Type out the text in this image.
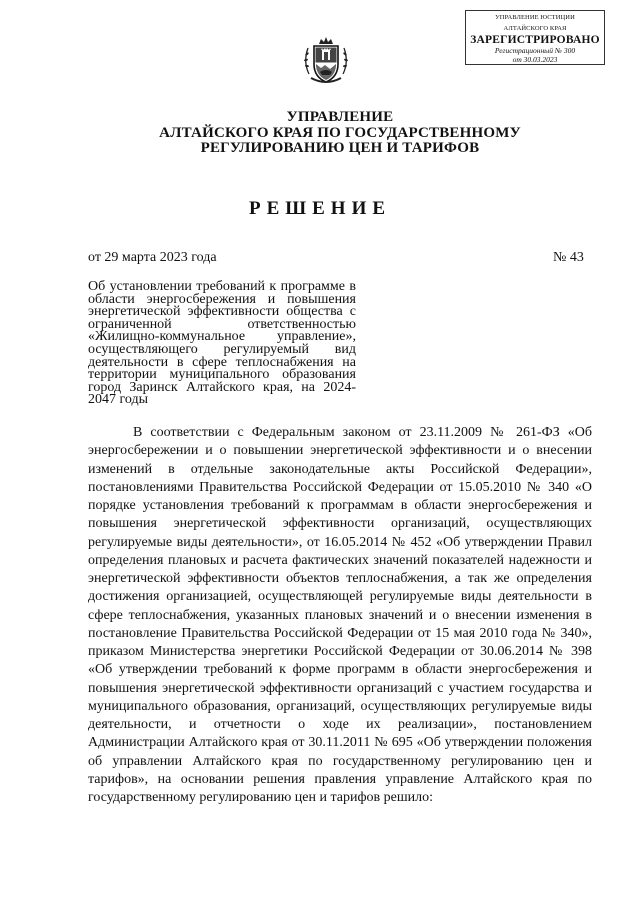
УПРАВЛЕНИЕ ЮСТИЦИИ
АЛТАЙСКОГО КРАЯ
ЗАРЕГИСТРИРОВАНО
Регистрационный № 300
от 30.03.2023
УПРАВЛЕНИЕ
АЛТАЙСКОГО КРАЯ ПО ГОСУДАРСТВЕННОМУ
РЕГУЛИРОВАНИЮ ЦЕН И ТАРИФОВ
РЕШЕНИЕ
от 29 марта 2023 года	№ 43
Об установлении требований к программе в области энергосбережения и повышения энергетической эффективности общества с ограниченной ответственностью «Жилищно-коммунальное управление», осуществляющего регулируемый вид деятельности в сфере теплоснабжения на территории муниципального образования город Заринск Алтайского края, на 2024-2047 годы

В соответствии с Федеральным законом от 23.11.2009 № 261-ФЗ «Об энергосбережении и о повышении энергетической эффективности и о внесении изменений в отдельные законодательные акты Российской Федерации», постановлениями Правительства Российской Федерации от 15.05.2010 № 340 «О порядке установления требований к программам в области энергосбережения и повышения энергетической эффективности организаций, осуществляющих регулируемые виды деятельности», от 16.05.2014 № 452 «Об утверждении Правил определения плановых и расчета фактических значений показателей надежности и энергетической эффективности объектов теплоснабжения, а так же определения достижения организацией, осуществляющей регулируемые виды деятельности в сфере теплоснабжения, указанных плановых значений и о внесении изменения в постановление Правительства Российской Федерации от 15 мая 2010 года № 340», приказом Министерства энергетики Российской Федерации от 30.06.2014 № 398 «Об утверждении требований к форме программ в области энергосбережения и повышения энергетической эффективности организаций с участием государства и муниципального образования, организаций, осуществляющих регулируемые виды деятельности, и отчетности о ходе их реализации», постановлением Администрации Алтайского края от 30.11.2011 № 695 «Об утверждении положения об управлении Алтайского края по государственному регулированию цен и тарифов», на основании решения правления управление Алтайского края по государственному регулированию цен и тарифов решило:
